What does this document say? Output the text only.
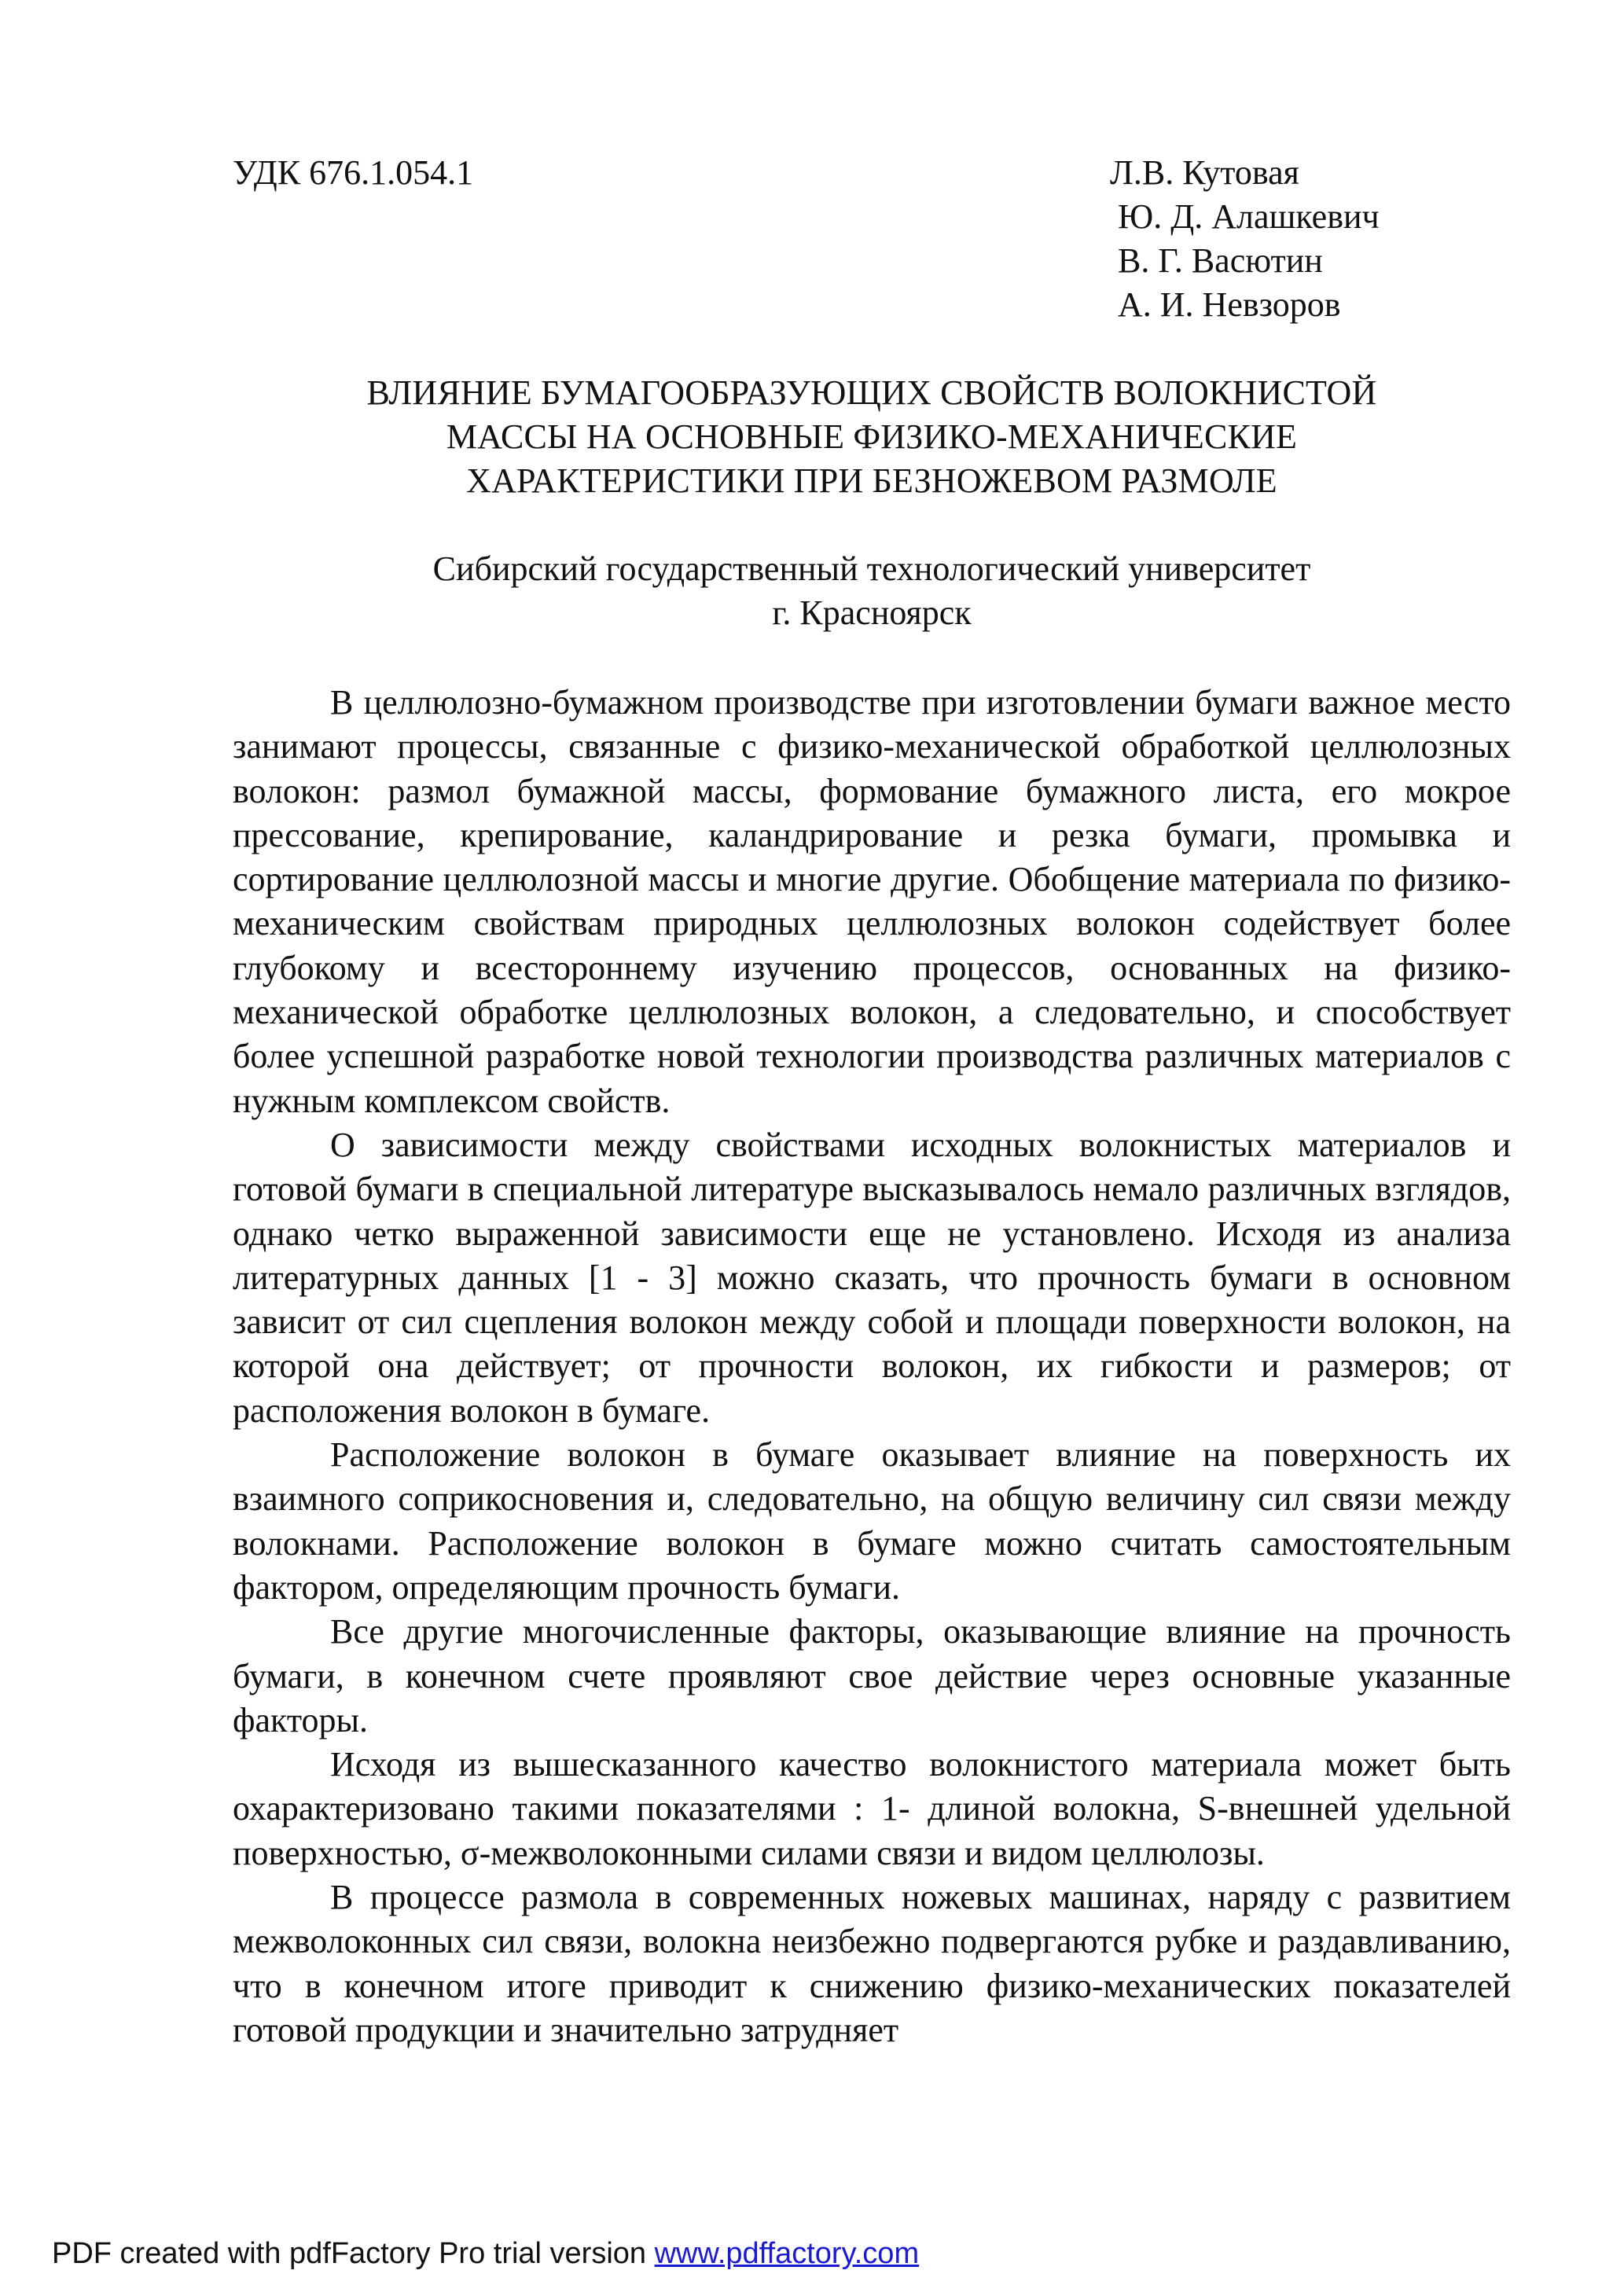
УДК 676.1.054.1	Л.В. Кутовая
Ю. Д. Алашкевич
В. Г. Васютин
А. И. Невзоров
ВЛИЯНИЕ БУМАГООБРАЗУЮЩИХ СВОЙСТВ ВОЛОКНИСТОЙ
МАССЫ НА ОСНОВНЫЕ ФИЗИКО-МЕХАНИЧЕСКИЕ
ХАРАКТЕРИСТИКИ ПРИ БЕЗНОЖЕВОМ РАЗМОЛЕ
Сибирский государственный технологический университет
г. Красноярск

В целлюлозно-бумажном производстве при изготовлении бумаги важное место занимают процессы, связанные с физико-механической обработкой целлюлозных волокон: размол бумажной массы, формование бумажного листа, его мокрое прессование, крепирование, каландрирование и резка бумаги, промывка и сортирование целлюлозной массы и многие другие. Обобщение материала по физико-механическим свойствам природных целлюлозных волокон содействует более глубокому и всестороннему изучению процессов, основанных на физико-механической обработке целлюлозных волокон, а следовательно, и способствует более успешной разработке новой технологии производства различных материалов с нужным комплексом свойств.

О зависимости между свойствами исходных волокнистых материалов и готовой бумаги в специальной литературе высказывалось немало различных взглядов, однако четко выраженной зависимости еще не установлено. Исходя из анализа литературных данных [1 - 3] можно сказать, что прочность бумаги в основном зависит от сил сцепления волокон между собой и площади поверхности волокон, на которой она действует; от прочности волокон, их гибкости и размеров; от расположения волокон в бумаге.

Расположение волокон в бумаге оказывает влияние на поверхность их взаимного соприкосновения и, следовательно, на общую величину сил связи между волокнами. Расположение волокон в бумаге можно считать самостоятельным фактором, определяющим прочность бумаги.

Все другие многочисленные факторы, оказывающие влияние на прочность бумаги, в конечном счете проявляют свое действие через основные указанные факторы.

Исходя из вышесказанного качество волокнистого материала может быть охарактеризовано такими показателями : 1- длиной волокна, S-внешней удельной поверхностью, σ-межволоконными силами связи и видом целлюлозы.

В процессе размола в современных ножевых машинах, наряду с развитием межволоконных сил связи, волокна неизбежно подвергаются рубке и раздавливанию, что в конечном итоге приводит к снижению физико-механических показателей готовой продукции и значительно затрудняет

PDF created with pdfFactory Pro trial version www.pdffactory.com
